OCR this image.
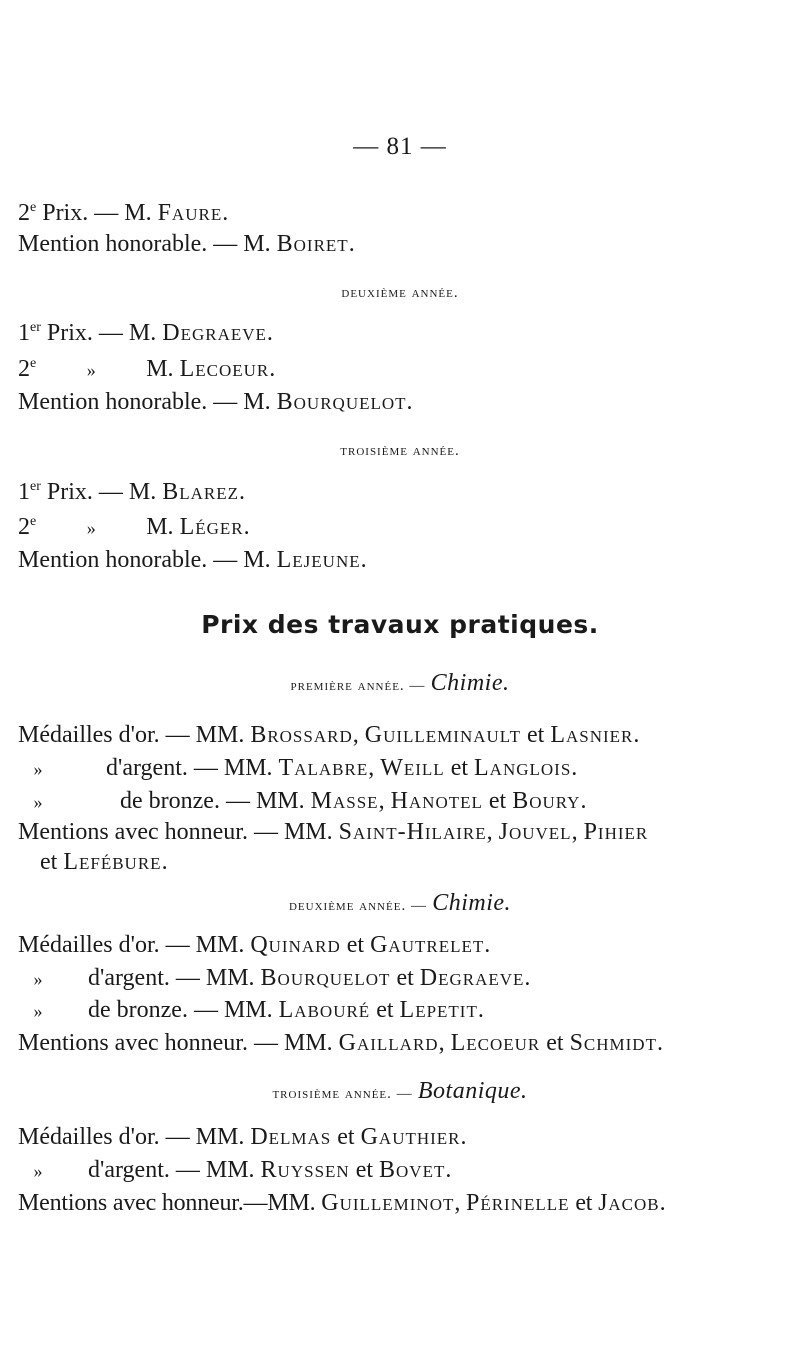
— 81 —
2e Prix. — M. Faure.
Mention honorable. — M. Boiret.
deuxième année.
1er Prix. — M. Degraeve.
2e	» M. Lecoeur.
Mention honorable. — M. Bourquelot.
troisième année.
1er Prix. — M. Blarez.
2e	» M. Léger.
Mention honorable. — M. Lejeune.
Prix des travaux pratiques.
première année. — Chimie.
Médailles d'or. — MM. Brossard, Guilleminault et Lasnier.
»	d'argent. — MM. Talabre, Weill et Langlois.
»	de bronze. — MM. Masse, Hanotel et Boury.
Mentions avec honneur. — MM. Saint-Hilaire, Jouvel, Pihier
et Lefébure.
deuxième année. — Chimie.
Médailles d'or. — MM. Quinard et Gautrelet.
» d'argent. — MM. Bourquelot et Degraeve.
» de bronze. — MM. Labouré et Lepetit.
Mentions avec honneur. — MM. Gaillard, Lecoeur et Schmidt.
troisième année. — Botanique.
Médailles d'or. — MM. Delmas et Gauthier.
» d'argent. — MM. Ruyssen et Bovet.
Mentions avec honneur.—MM. Guilleminot, Périnelle et Jacob.
